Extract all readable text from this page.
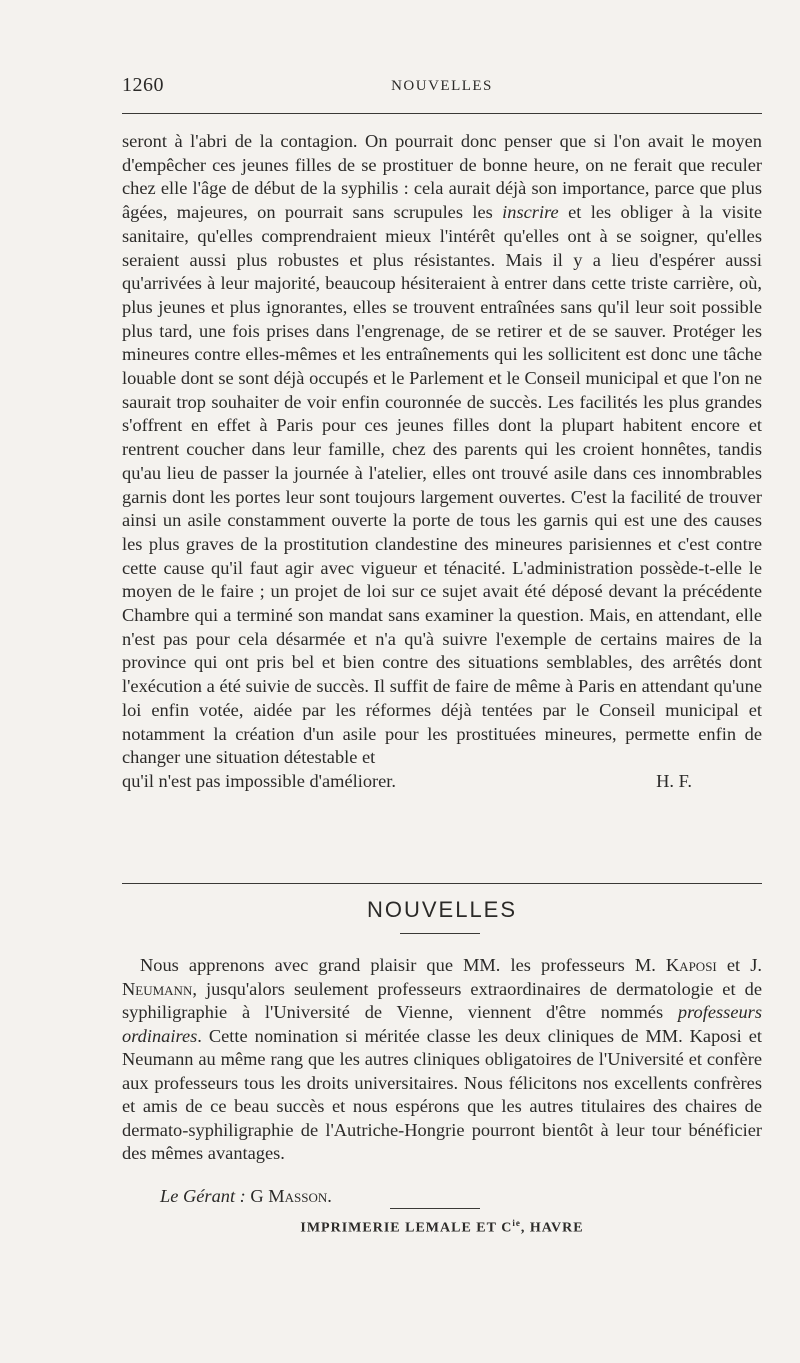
1260	NOUVELLES

seront à l'abri de la contagion. On pourrait donc penser que si l'on avait le moyen d'empêcher ces jeunes filles de se prostituer de bonne heure, on ne ferait que reculer chez elle l'âge de début de la syphilis : cela aurait déjà son importance, parce que plus âgées, majeures, on pourrait sans scrupules les inscrire et les obliger à la visite sanitaire, qu'elles comprendraient mieux l'intérêt qu'elles ont à se soigner, qu'elles seraient aussi plus robustes et plus résistantes. Mais il y a lieu d'espérer aussi qu'arrivées à leur majorité, beaucoup hésiteraient à entrer dans cette triste carrière, où, plus jeunes et plus ignorantes, elles se trouvent entraînées sans qu'il leur soit possible plus tard, une fois prises dans l'engrenage, de se retirer et de se sauver. Protéger les mineures contre elles-mêmes et les entraînements qui les sollicitent est donc une tâche louable dont se sont déjà occupés et le Parlement et le Conseil municipal et que l'on ne saurait trop souhaiter de voir enfin couronnée de succès. Les facilités les plus grandes s'offrent en effet à Paris pour ces jeunes filles dont la plupart habitent encore et rentrent coucher dans leur famille, chez des parents qui les croient honnêtes, tandis qu'au lieu de passer la journée à l'atelier, elles ont trouvé asile dans ces innombrables garnis dont les portes leur sont toujours largement ouvertes. C'est la facilité de trouver ainsi un asile constamment ouverte la porte de tous les garnis qui est une des causes les plus graves de la prostitution clandestine des mineures parisiennes et c'est contre cette cause qu'il faut agir avec vigueur et ténacité. L'administration possède-t-elle le moyen de le faire ; un projet de loi sur ce sujet avait été déposé devant la précédente Chambre qui a terminé son mandat sans examiner la question. Mais, en attendant, elle n'est pas pour cela désarmée et n'a qu'à suivre l'exemple de certains maires de la province qui ont pris bel et bien contre des situations semblables, des arrêtés dont l'exécution a été suivie de succès. Il suffit de faire de même à Paris en attendant qu'une loi enfin votée, aidée par les réformes déjà tentées par le Conseil municipal et notamment la création d'un asile pour les prostituées mineures, permette enfin de changer une situation détestable et

qu'il n'est pas impossible d'améliorer.	H. F.

NOUVELLES

Nous apprenons avec grand plaisir que MM. les professeurs M. Kaposi et J. Neumann, jusqu'alors seulement professeurs extraordinaires de dermatologie et de syphiligraphie à l'Université de Vienne, viennent d'être nommés professeurs ordinaires. Cette nomination si méritée classe les deux cliniques de MM. Kaposi et Neumann au même rang que les autres cliniques obligatoires de l'Université et confère aux professeurs tous les droits universitaires. Nous félicitons nos excellents confrères et amis de ce beau succès et nous espérons que les autres titulaires des chaires de dermato-syphiligraphie de l'Autriche-Hongrie pourront bientôt à leur tour bénéficier des mêmes avantages.

Le Gérant : G Masson.
IMPRIMERIE LEMALE ET $C^{ie}$, HAVRE
